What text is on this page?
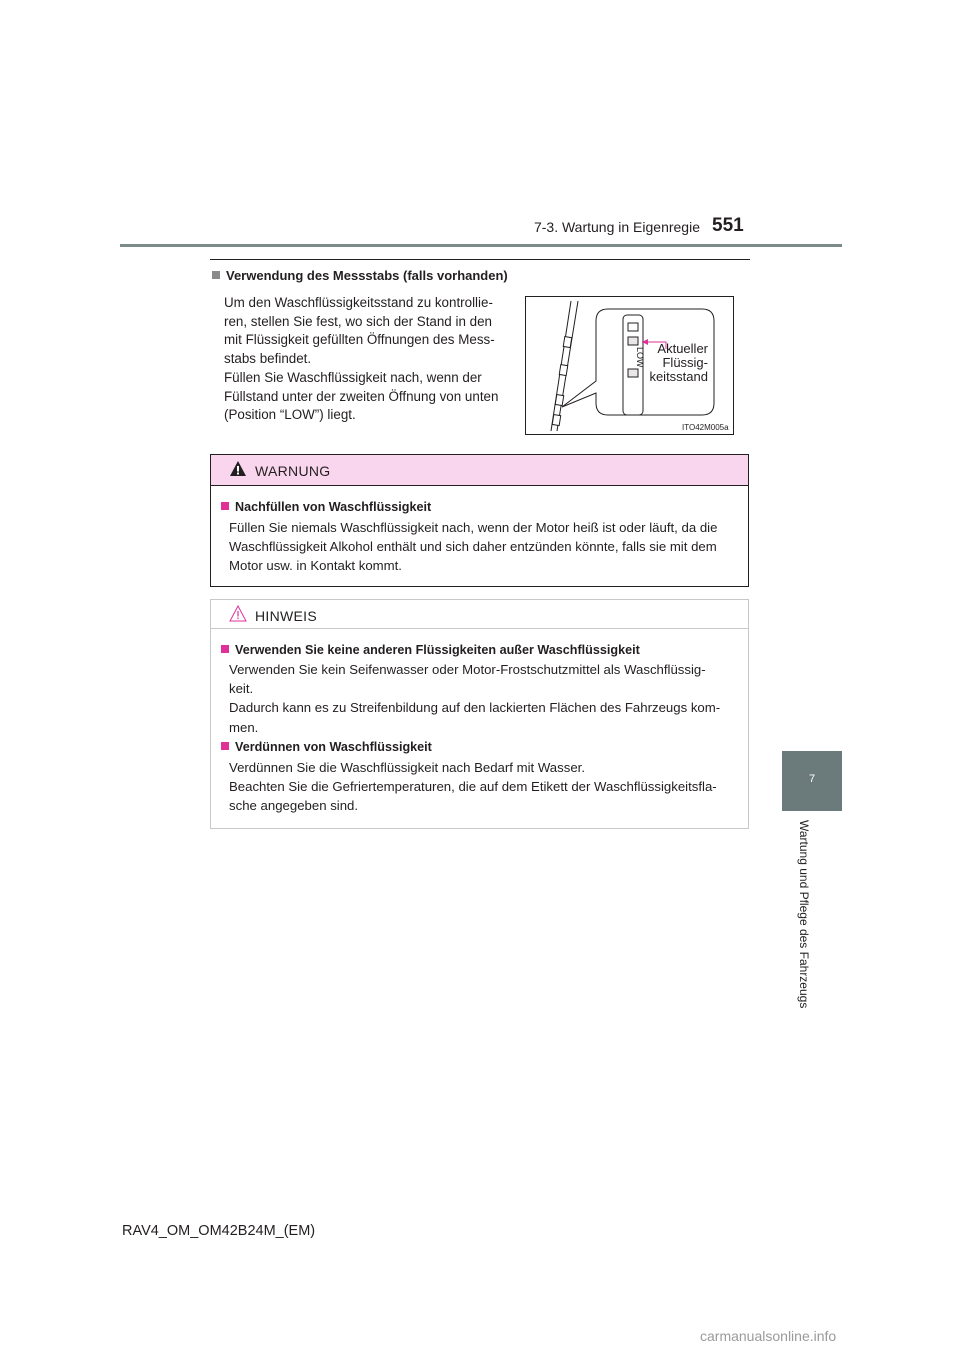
7-3. Wartung in Eigenregie 551
7
Wartung und Pflege des Fahrzeugs
Verwendung des Messstabs (falls vorhanden)
Um den Waschflüssigkeitsstand zu kontrollie-
ren, stellen Sie fest, wo sich der Stand in den
mit Flüssigkeit gefüllten Öffnungen des Mess-
stabs befindet.
Füllen Sie Waschflüssigkeit nach, wenn der
Füllstand unter der zweiten Öffnung von unten
(Position “LOW”) liegt.
LOW Aktueller
Flüssig-
keitsstand
ITO42M005a
WARNUNG
Nachfüllen von Waschflüssigkeit
Füllen Sie niemals Waschflüssigkeit nach, wenn der Motor heiß ist oder läuft, da die
Waschflüssigkeit Alkohol enthält und sich daher entzünden könnte, falls sie mit dem
Motor usw. in Kontakt kommt.
HINWEIS
Verwenden Sie keine anderen Flüssigkeiten außer Waschflüssigkeit
Verwenden Sie kein Seifenwasser oder Motor-Frostschutzmittel als Waschflüssig-
keit.
Dadurch kann es zu Streifenbildung auf den lackierten Flächen des Fahrzeugs kom-
men.
Verdünnen von Waschflüssigkeit
Verdünnen Sie die Waschflüssigkeit nach Bedarf mit Wasser.
Beachten Sie die Gefriertemperaturen, die auf dem Etikett der Waschflüssigkeitsfla-
sche angegeben sind.
RAV4_OM_OM42B24M_(EM)
carmanualsonline.info
